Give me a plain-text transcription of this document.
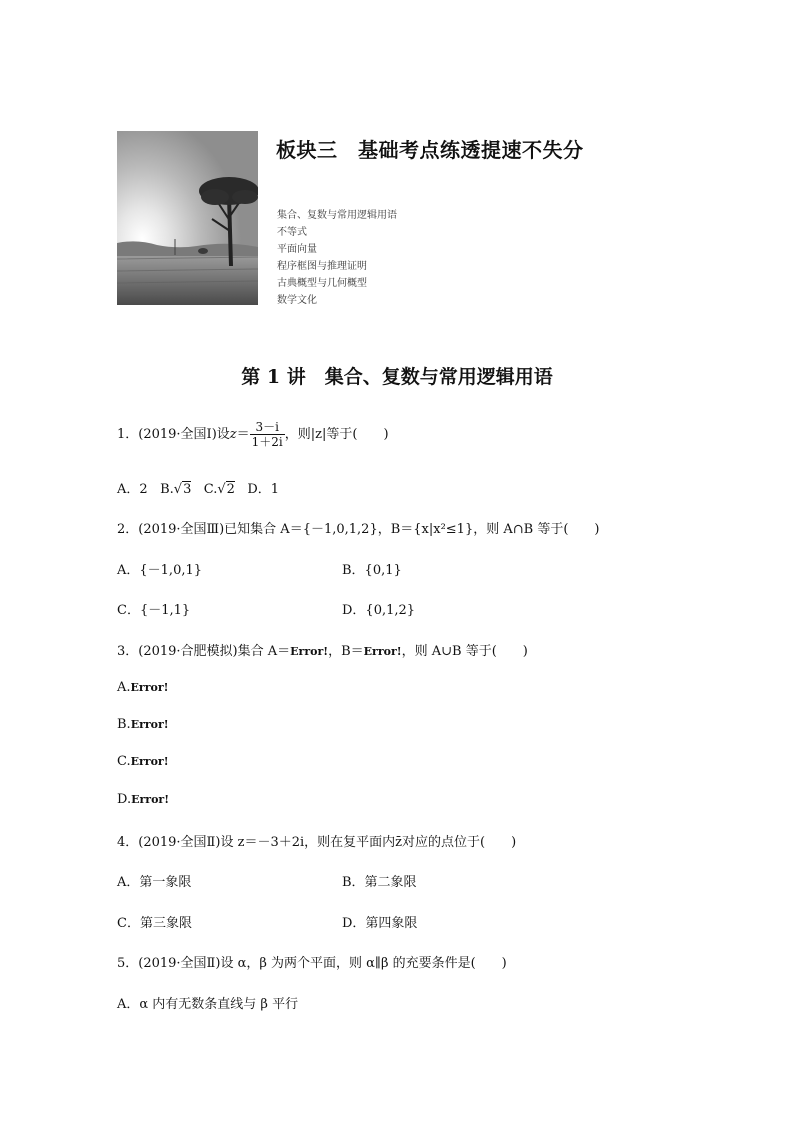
板块三　基础考点练透提速不失分
集合、复数与常用逻辑用语
不等式
平面向量
程序框图与推理证明
古典概型与几何概型
数学文化
第 1 讲　集合、复数与常用逻辑用语
1．(2019·全国Ⅰ)设$z= \frac{3-i}{1+2i}$ ，则|z|等于(　　)
A．2 B.√3 C.√2 D．1
2．(2019·全国Ⅲ)已知集合 A＝{－1,0,1,2}，B＝{x|x²≤1}，则 A∩B 等于(　　)
A．{－1,0,1}	B．{0,1}
C．{－1,1}	D．{0,1,2}
3．(2019·合肥模拟)集合 A＝Error!，B＝Error!，则 A∪B 等于(　　)
A.Error!
B.Error!
C.Error!
D.Error!
4．(2019·全国Ⅱ)设 z＝－3＋2i，则在复平面内z̄对应的点位于(　　)
A．第一象限	B．第二象限
C．第三象限	D．第四象限
5．(2019·全国Ⅱ)设 α，β 为两个平面，则 α∥β 的充要条件是(　　)
A．α 内有无数条直线与 β 平行
